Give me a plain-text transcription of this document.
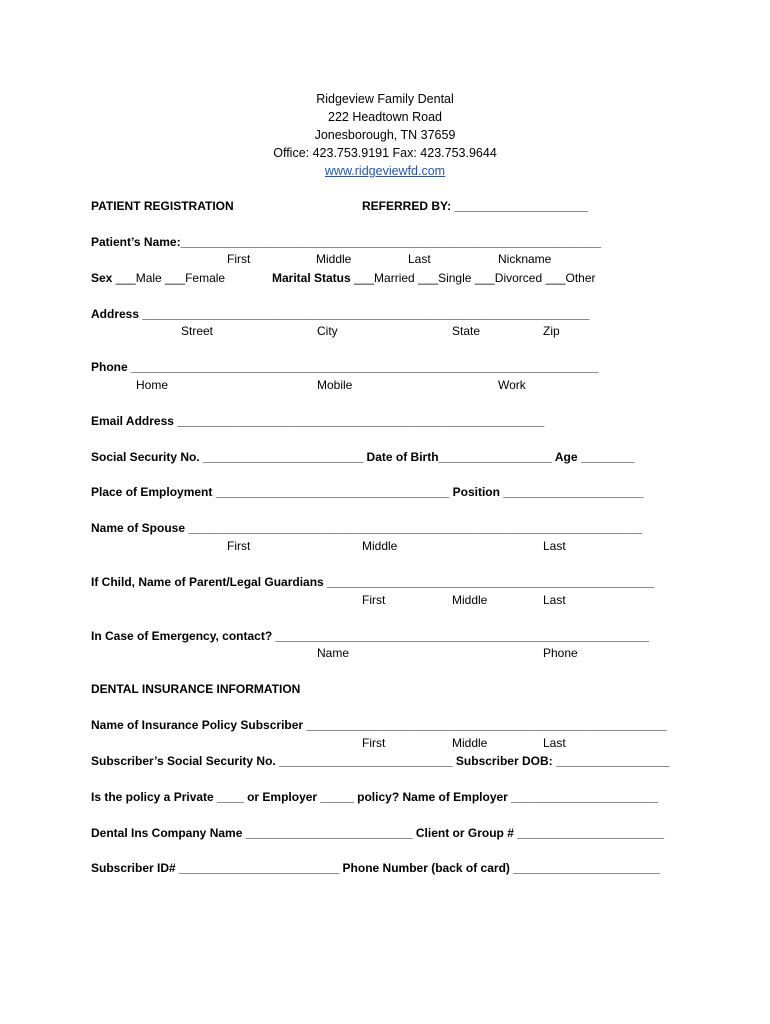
Ridgeview Family Dental
222 Headtown Road
Jonesborough, TN 37659
Office: 423.753.9191 Fax: 423.753.9644
www.ridgeviewfd.com
PATIENT REGISTRATION	REFERRED BY: ____________________
Patient’s Name:_______________________________________________________________
First	Middle	Last	Nickname
Sex ___Male ___Female	Marital Status ___Married ___Single ___Divorced ___Other
Address ___________________________________________________________________
Street	City	State	Zip
Phone ______________________________________________________________________
Home	Mobile	Work
Email Address _______________________________________________________
Social Security No. ________________________ Date of Birth_________________ Age ________
Place of Employment ___________________________________ Position _____________________
Name of Spouse ____________________________________________________________________
First	Middle	Last
If Child, Name of Parent/Legal Guardians _________________________________________________
First	Middle	Last
In Case of Emergency, contact? ________________________________________________________
Name	Phone
DENTAL INSURANCE INFORMATION
Name of Insurance Policy Subscriber ______________________________________________________
First	Middle	Last
Subscriber’s Social Security No. __________________________ Subscriber DOB: _________________
Is the policy a Private ____ or Employer _____ policy? Name of Employer ______________________
Dental Ins Company Name _________________________ Client or Group # ______________________
Subscriber ID# ________________________ Phone Number (back of card) ______________________
